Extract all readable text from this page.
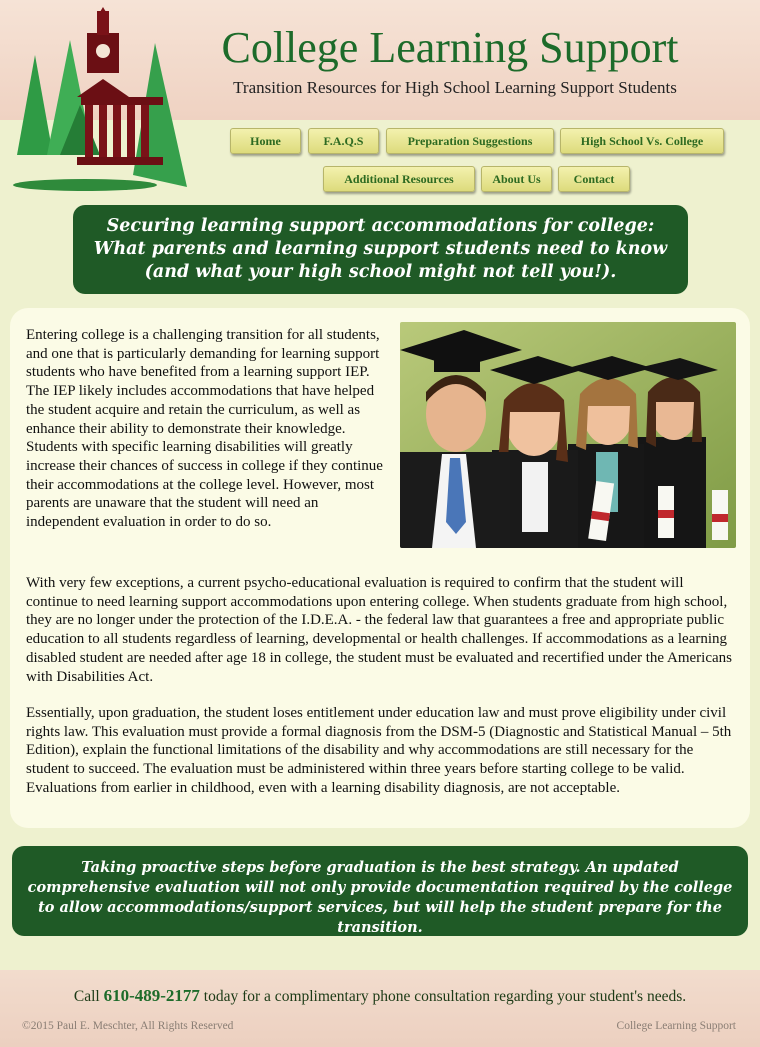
College Learning Support
Transition Resources for High School Learning Support Students
Home	F.A.Q.S	Preparation Suggestions	High School Vs. College
Additional Resources	About Us	Contact
Securing learning support accommodations for college:
What parents and learning support students need to know
(and what your high school might not tell you!).
Entering college is a challenging transition for all students, and one that is particularly demanding for learning support students who have benefited from a learning support IEP. The IEP likely includes accommodations that have helped the student acquire and retain the curriculum, as well as enhance their ability to demonstrate their knowledge. Students with specific learning disabilities will greatly increase their chances of success in college if they continue their accommodations at the college level. However, most parents are unaware that the student will need an independent evaluation in order to do so.
With very few exceptions, a current psycho-educational evaluation is required to confirm that the student will continue to need learning support accommodations upon entering college. When students graduate from high school, they are no longer under the protection of the I.D.E.A. - the federal law that guarantees a free and appropriate public education to all students regardless of learning, developmental or health challenges. If accommodations as a learning disabled student are needed after age 18 in college, the student must be evaluated and recertified under the Americans with Disabilities Act.
Essentially, upon graduation, the student loses entitlement under education law and must prove eligibility under civil rights law. This evaluation must provide a formal diagnosis from the DSM-5 (Diagnostic and Statistical Manual – 5th Edition), explain the functional limitations of the disability and why accommodations are still necessary for the student to succeed. The evaluation must be administered within three years before starting college to be valid. Evaluations from earlier in childhood, even with a learning disability diagnosis, are not acceptable.
Taking proactive steps before graduation is the best strategy. An updated comprehensive evaluation will not only provide documentation required by the college to allow accommodations/support services, but will help the student prepare for the transition.
Call 610-489-2177 today for a complimentary phone consultation regarding your student's needs.
©2015 Paul E. Meschter, All Rights Reserved	College Learning Support
